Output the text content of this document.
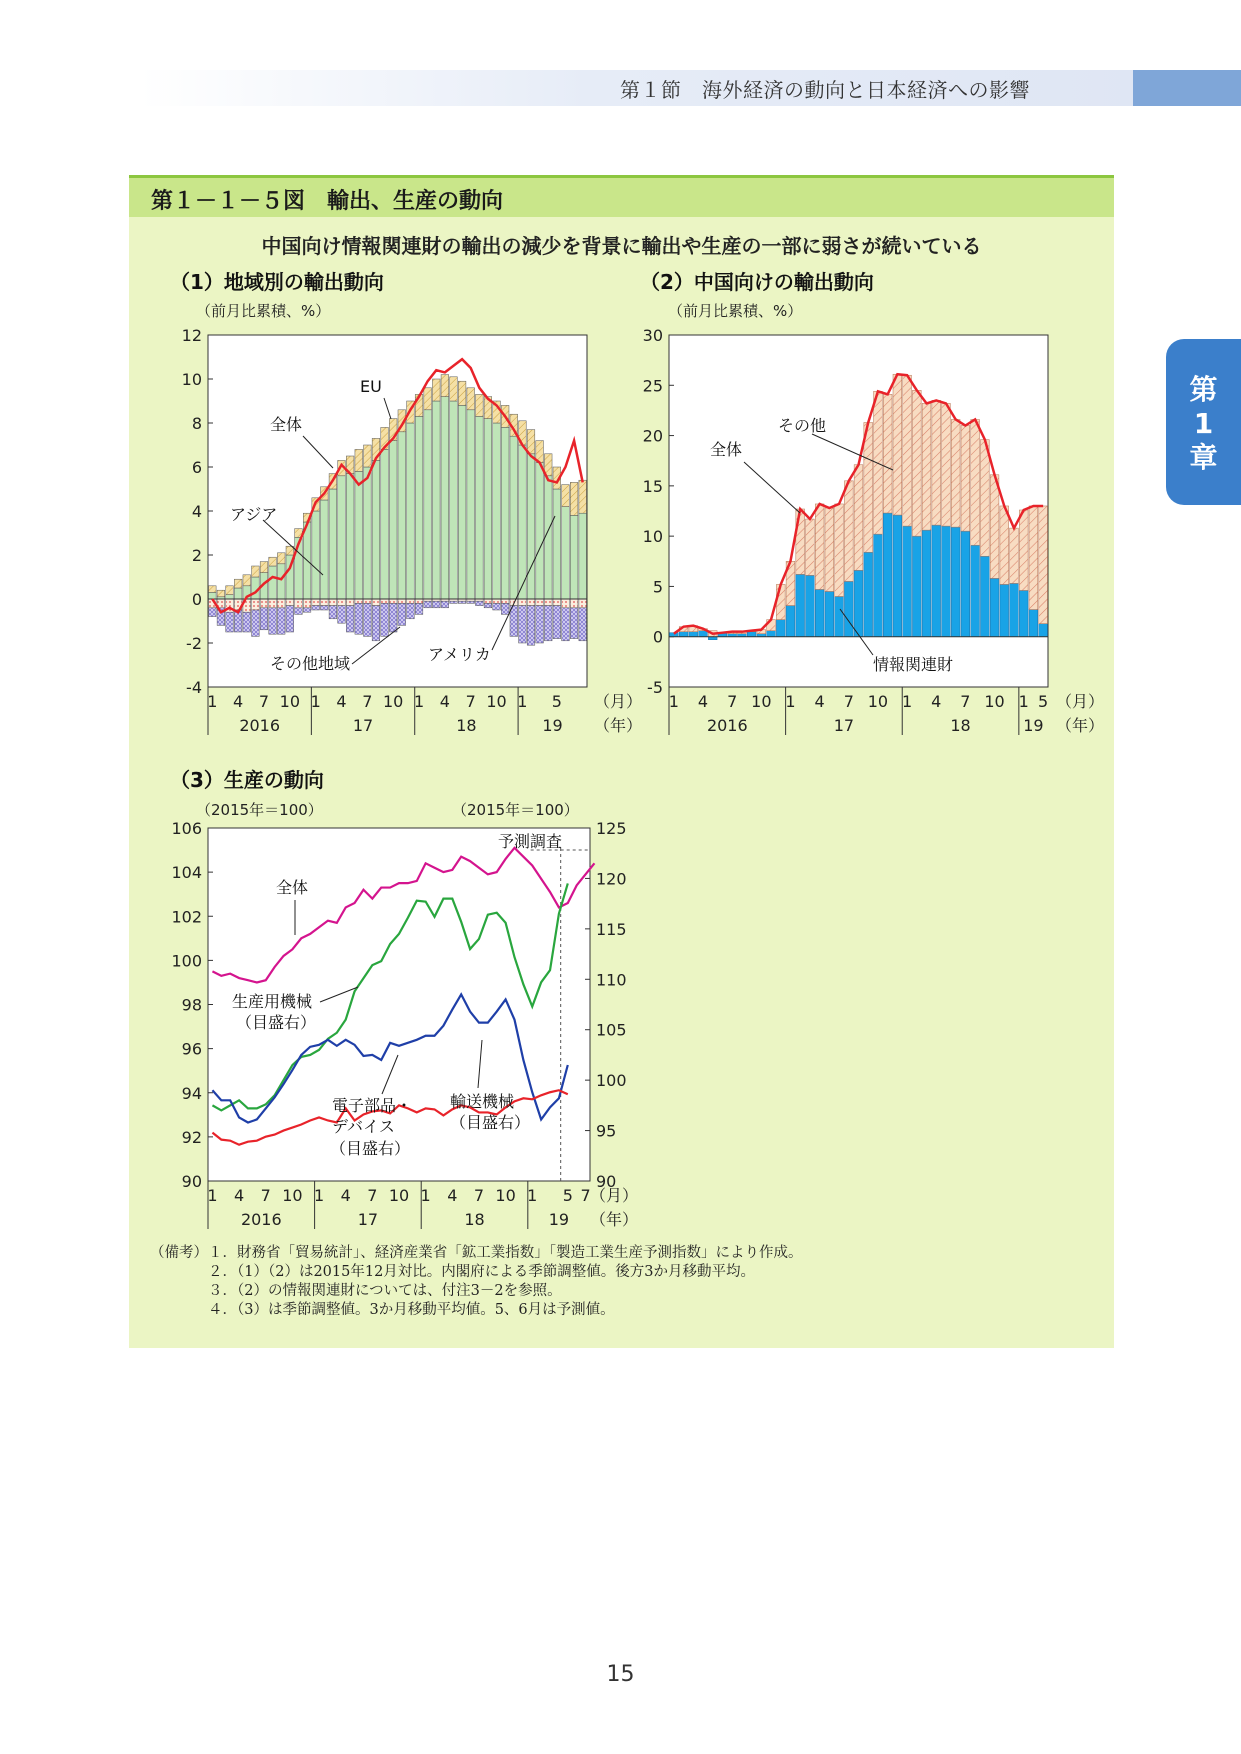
第１節　海外経済の動向と日本経済への影響
第
1
章
第１－１－５図　輸出、生産の動向
中国向け情報関連財の輸出の減少を背景に輸出や生産の一部に弱さが続いている
（1）地域別の輸出動向
（前月比累積、%）
12
10
8
6
4
2
0
-2
-4
1 4 7 10 1 4 7 10 1 4 7 10 1 5
2016	17	18	19
（月）
（年）
EU
全体
アジア
その他地域	アメリカ
（2）中国向けの輸出動向
（前月比累積、%）
30
25
20
15
10
5
0
-5
1 4 7 10 1 4 7 10 1 4 7 10 1 5
2016	17	18	19
（月）
（年）
全体
その他
情報関連財
（3）生産の動向
（2015年＝100）	（2015年＝100）
106
104
102
100
98
96
94
92
90
125
120
115
110
105
100
95
90
予測調査
1 4 7 10 1 4 7 10 1 4 7 10 1 5 7
2016	17	18	19
（月）
（年）
全体
生産用機械
（目盛右）
電子部品・
デバイス
（目盛右）
輸送機械
（目盛右）
（備考）１．財務省「貿易統計」、経済産業省「鉱工業指数」「製造工業生産予測指数」により作成。
　　　　２．（1）（2）は2015年12月対比。内閣府による季節調整値。後方3か月移動平均。
　　　　３．（2）の情報関連財については、付注3－2を参照。
　　　　４．（3）は季節調整値。3か月移動平均値。5、6月は予測値。
15
